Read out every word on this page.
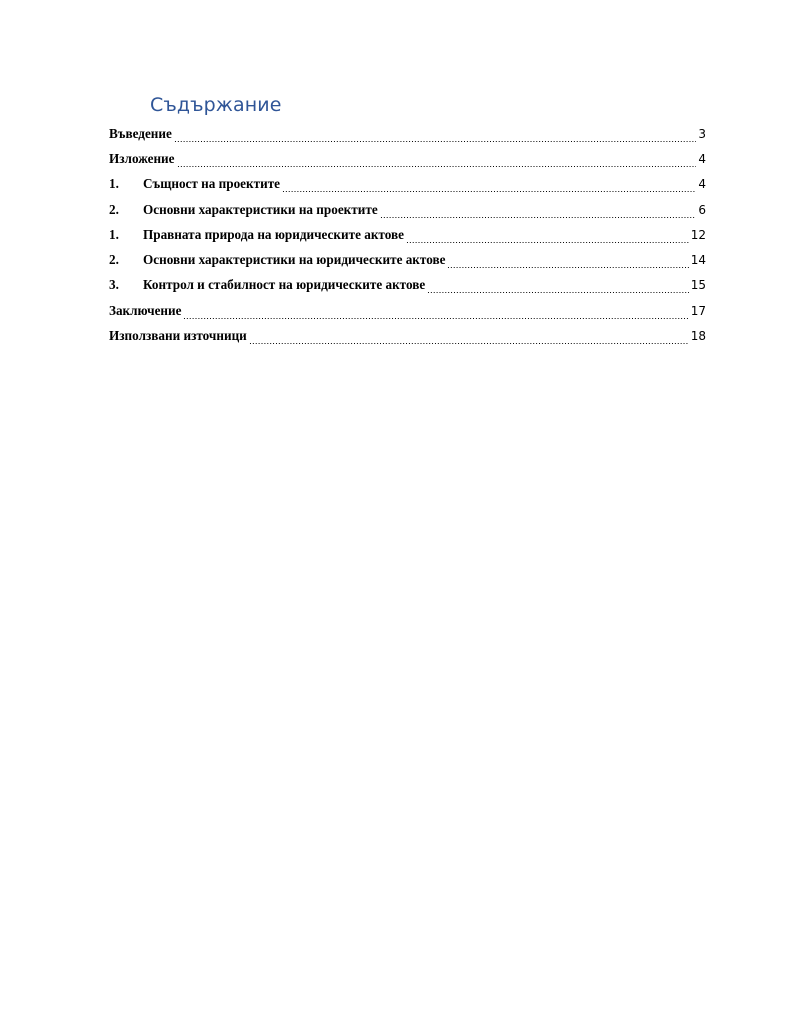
Съдържание
Въведение	3
Изложение	4
1.	Същност на проектите	4
2.	Основни характеристики на проектите	6
1.	Правната природа на юридическите актове	12
2.	Основни характеристики на юридическите актове	14
3.	Контрол и стабилност на юридическите актове	15
Заключение	17
Използвани източници	18
